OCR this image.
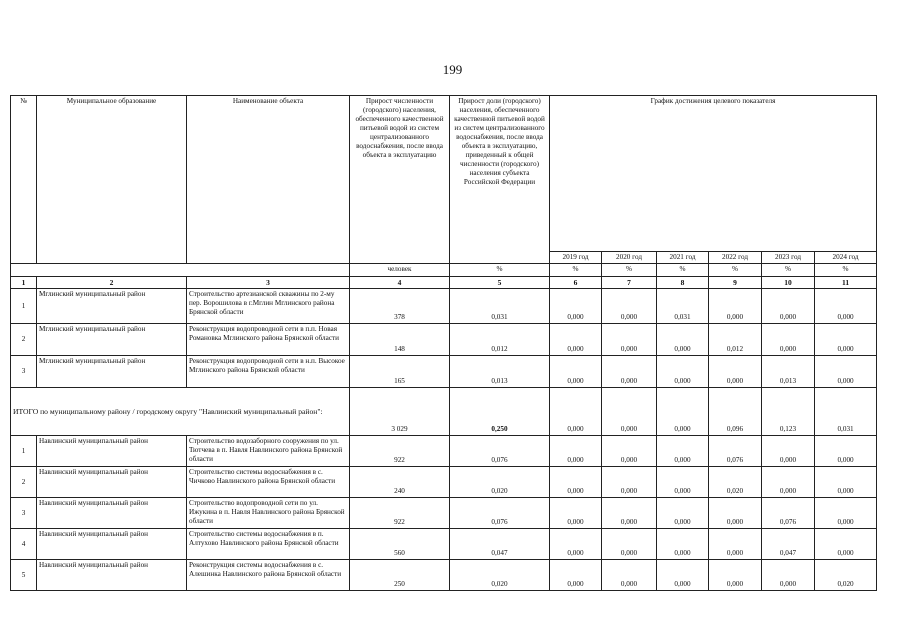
199
№	Муниципальное образование	Наименование объекта	Прирост численности (городского) населения, обеспеченного качественной питьевой водой из систем централизованного водоснабжения, после ввода объекта в эксплуатацию	Прирост доли (городского) населения, обеспеченного качественной питьевой водой из систем централизованного водоснабжения, после ввода объекта в эксплуатацию, приведенный к общей численности (городского) населения субъекта Российской Федерации	График достижения целевого показателя					
					2019 год	2020 год	2021 год	2022 год	2023 год	2024 год
			человек	%	%	%	%	%	%	%
1	2	3	4	5	6	7	8	9	10	11
1	Мглинский муниципальный район	Строительство артезианской скважины по 2-му пер. Ворошилова в г.Мглин Мглинского района Брянской области	378	0,031	0,000	0,000	0,031	0,000	0,000	0,000
2	Мглинский муниципальный район	Реконструкция водопроводной сети в п.п. Новая Романовка Мглинского района Брянской области	148	0,012	0,000	0,000	0,000	0,012	0,000	0,000
3	Мглинский муниципальный район	Реконструкция водопроводной сети в н.п. Высокое Мглинского района Брянской области	165	0,013	0,000	0,000	0,000	0,000	0,013	0,000
ИТОГО по муниципальному району / городскому округу "Навлинский муниципальный район":			3 029	0,250	0,000	0,000	0,000	0,096	0,123	0,031
1	Навлинский муниципальный район	Строительство водозаборного сооружения по ул. Тютчева в п. Навля Навлинского района Брянской области	922	0,076	0,000	0,000	0,000	0,076	0,000	0,000
2	Навлинский муниципальный район	Строительство системы водоснабжения в с. Чичково Навлинского района Брянской области	240	0,020	0,000	0,000	0,000	0,020	0,000	0,000
3	Навлинский муниципальный район	Строительство водопроводной сети по ул. Ижукина в п. Навля Навлинского района Брянской области	922	0,076	0,000	0,000	0,000	0,000	0,076	0,000
4	Навлинский муниципальный район	Строительство системы водоснабжения в п. Алтухово Навлинского района Брянской области	560	0,047	0,000	0,000	0,000	0,000	0,047	0,000
5	Навлинский муниципальный район	Реконструкция системы водоснабжения в с. Алешинка Навлинского района Брянской области	250	0,020	0,000	0,000	0,000	0,000	0,000	0,020
